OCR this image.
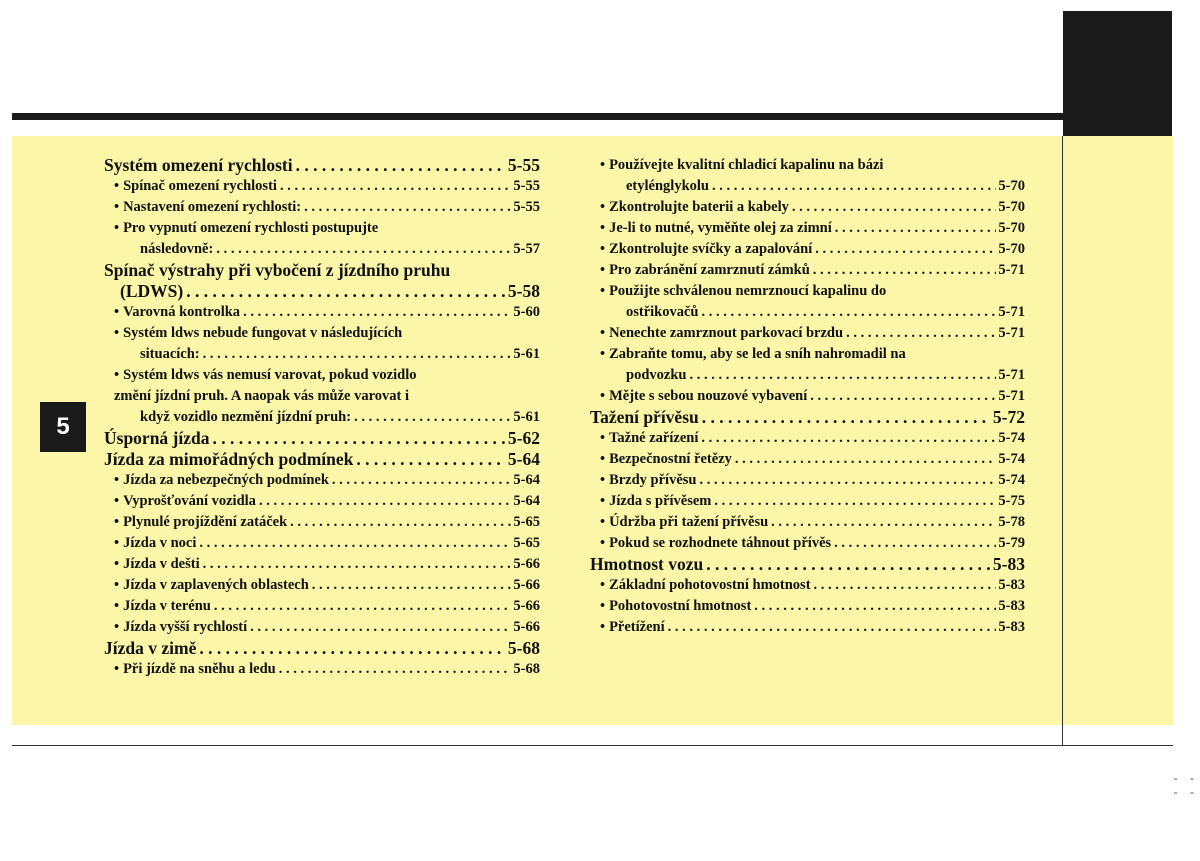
5
- - - -
Systém omezení rychlosti . . .	5-55
• Spínač omezení rychlosti . . .	5-55
• Nastavení omezení rychlosti: . . .	5-55
• Pro vypnutí omezení rychlosti postupujte
následovně: . . .	5-57
Spínač výstrahy při vybočení z jízdního pruhu
(LDWS) . . .	5-58
• Varovná kontrolka . . .	5-60
• Systém ldws nebude fungovat v následujících
situacích: . . .	5-61
• Systém ldws vás nemusí varovat, pokud vozidlo
změní jízdní pruh. A naopak vás může varovat i
když vozidlo nezmění jízdní pruh: . . .	5-61
Úsporná jízda . . .	5-62
Jízda za mimořádných podmínek . . .	5-64
• Jízda za nebezpečných podmínek . . .	5-64
• Vyprošťování vozidla . . .	5-64
• Plynulé projíždění zatáček . . .	5-65
• Jízda v noci . . .	5-65
• Jízda v dešti . . .	5-66
• Jízda v zaplavených oblastech . . .	5-66
• Jízda v terénu . . .	5-66
• Jízda vyšší rychlostí . . .	5-66
Jízda v zimě . . .	5-68
• Při jízdě na sněhu a ledu . . .	5-68
• Používejte kvalitní chladicí kapalinu na bázi
etylénglykolu . . .	5-70
• Zkontrolujte baterii a kabely . . .	5-70
• Je-li to nutné, vyměňte olej za zimní . . .	5-70
• Zkontrolujte svíčky a zapalování . . .	5-70
• Pro zabránění zamrznutí zámků . . .	5-71
• Použijte schválenou nemrznoucí kapalinu do
ostřikovačů . . .	5-71
• Nenechte zamrznout parkovací brzdu . . .	5-71
• Zabraňte tomu, aby se led a sníh nahromadil na
podvozku . . .	5-71
• Mějte s sebou nouzové vybavení . . .	5-71
Tažení přívěsu . . .	5-72
• Tažné zařízení . . .	5-74
• Bezpečnostní řetězy . . .	5-74
• Brzdy přívěsu . . .	5-74
• Jízda s přívěsem . . .	5-75
• Údržba při tažení přívěsu . . .	5-78
• Pokud se rozhodnete táhnout přívěs . . .	5-79
Hmotnost vozu . . .	5-83
• Základní pohotovostní hmotnost . . .	5-83
• Pohotovostní hmotnost . . .	5-83
• Přetížení . . .	5-83
